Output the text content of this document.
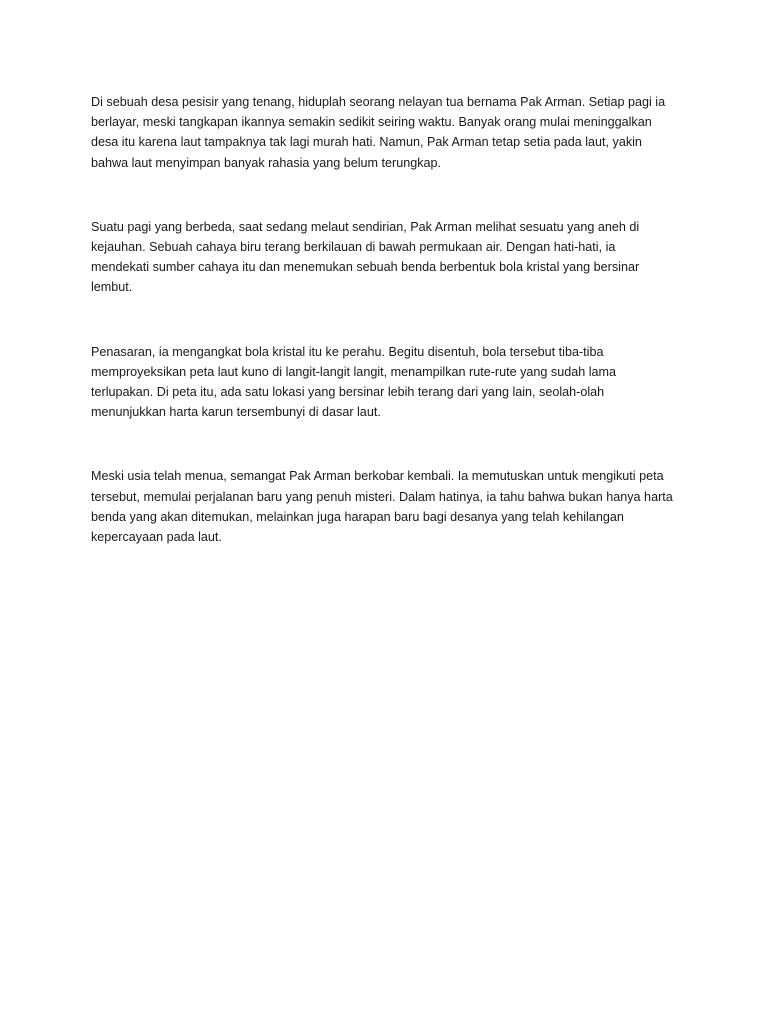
Di sebuah desa pesisir yang tenang, hiduplah seorang nelayan tua bernama Pak Arman. Setiap pagi ia berlayar, meski tangkapan ikannya semakin sedikit seiring waktu. Banyak orang mulai meninggalkan desa itu karena laut tampaknya tak lagi murah hati. Namun, Pak Arman tetap setia pada laut, yakin bahwa laut menyimpan banyak rahasia yang belum terungkap.

Suatu pagi yang berbeda, saat sedang melaut sendirian, Pak Arman melihat sesuatu yang aneh di kejauhan. Sebuah cahaya biru terang berkilauan di bawah permukaan air. Dengan hati-hati, ia mendekati sumber cahaya itu dan menemukan sebuah benda berbentuk bola kristal yang bersinar lembut.

Penasaran, ia mengangkat bola kristal itu ke perahu. Begitu disentuh, bola tersebut tiba-tiba memproyeksikan peta laut kuno di langit-langit langit, menampilkan rute-rute yang sudah lama terlupakan. Di peta itu, ada satu lokasi yang bersinar lebih terang dari yang lain, seolah-olah menunjukkan harta karun tersembunyi di dasar laut.

Meski usia telah menua, semangat Pak Arman berkobar kembali. Ia memutuskan untuk mengikuti peta tersebut, memulai perjalanan baru yang penuh misteri. Dalam hatinya, ia tahu bahwa bukan hanya harta benda yang akan ditemukan, melainkan juga harapan baru bagi desanya yang telah kehilangan kepercayaan pada laut.
